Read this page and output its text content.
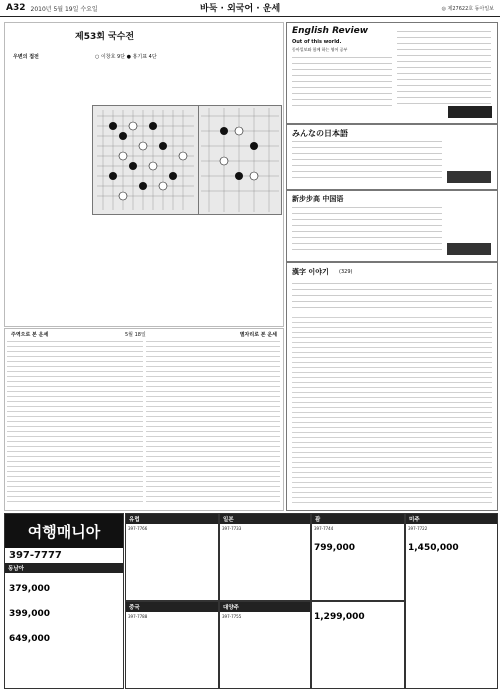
A32 2010년 5월 19일 수요일	바둑 · 외국어 · 운세	◎ 제27622호 동아일보
제53회 국수전
우변의 접전	○ 이창호 9단 ● 홍기표 4단
주역으로 본 운세	5월 18일	별자리로 본 운세
English Review
Out of this world.
동아일보와 함께 하는 영어 공부
みんなの日本語
新步步高 中国语
漢字 이야기 (329)
여행매니아
397-7777
동남아
379,000
399,000
649,000
유럽
397-7766
중국
397-7788
일본
397-7733
대양주
397-7755
괌
397-7744
799,000
1,299,000
미주
397-7722
1,450,000
